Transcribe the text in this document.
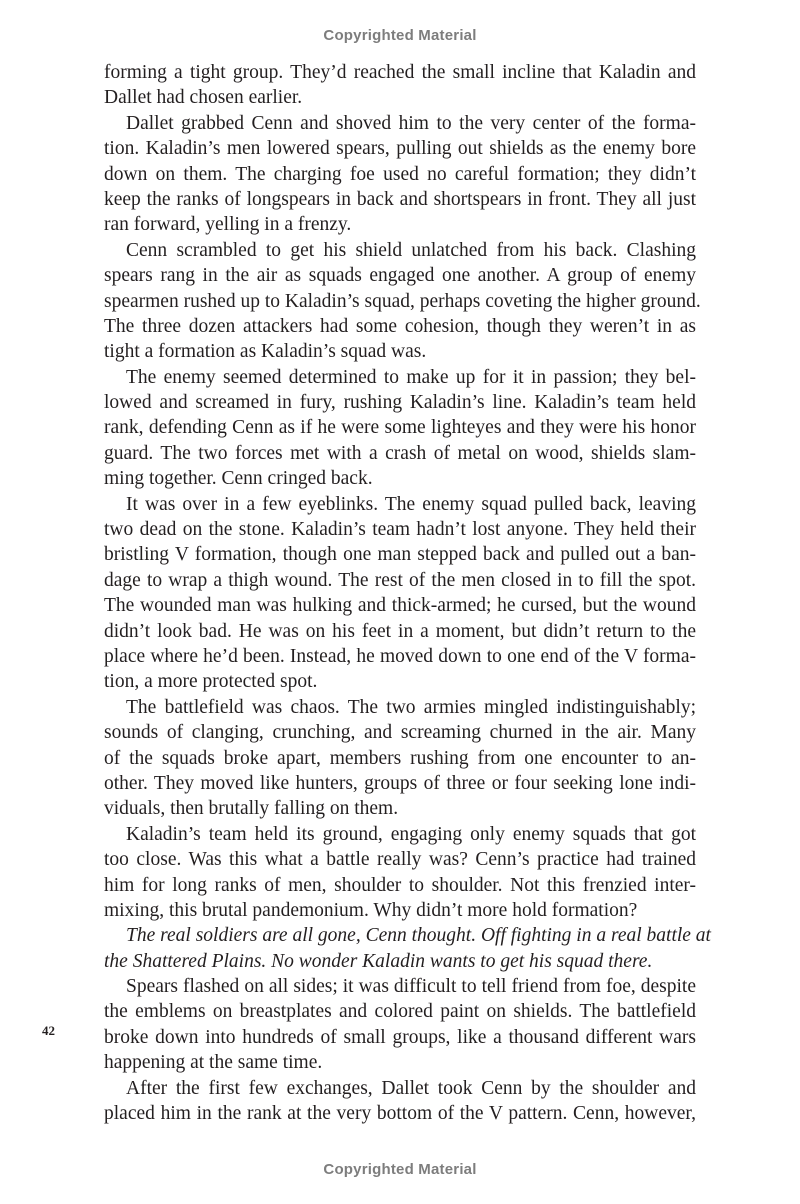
Copyrighted Material
forming a tight group. They’d reached the small incline that Kaladin and
Dallet had chosen earlier.
Dallet grabbed Cenn and shoved him to the very center of the forma-
tion. Kaladin’s men lowered spears, pulling out shields as the enemy bore
down on them. The charging foe used no careful formation; they didn’t
keep the ranks of longspears in back and shortspears in front. They all just
ran forward, yelling in a frenzy.
Cenn scrambled to get his shield unlatched from his back. Clashing
spears rang in the air as squads engaged one another. A group of enemy
spearmen rushed up to Kaladin’s squad, perhaps coveting the higher ground.
The three dozen attackers had some cohesion, though they weren’t in as
tight a formation as Kaladin’s squad was.
The enemy seemed determined to make up for it in passion; they bel-
lowed and screamed in fury, rushing Kaladin’s line. Kaladin’s team held
rank, defending Cenn as if he were some lighteyes and they were his honor
guard. The two forces met with a crash of metal on wood, shields slam-
ming together. Cenn cringed back.
It was over in a few eyeblinks. The enemy squad pulled back, leaving
two dead on the stone. Kaladin’s team hadn’t lost anyone. They held their
bristling V formation, though one man stepped back and pulled out a ban-
dage to wrap a thigh wound. The rest of the men closed in to fill the spot.
The wounded man was hulking and thick-armed; he cursed, but the wound
didn’t look bad. He was on his feet in a moment, but didn’t return to the
place where he’d been. Instead, he moved down to one end of the V forma-
tion, a more protected spot.
The battlefield was chaos. The two armies mingled indistinguishably;
sounds of clanging, crunching, and screaming churned in the air. Many
of the squads broke apart, members rushing from one encounter to an-
other. They moved like hunters, groups of three or four seeking lone indi-
viduals, then brutally falling on them.
Kaladin’s team held its ground, engaging only enemy squads that got
too close. Was this what a battle really was? Cenn’s practice had trained
him for long ranks of men, shoulder to shoulder. Not this frenzied inter-
mixing, this brutal pandemonium. Why didn’t more hold formation?
The real soldiers are all gone, Cenn thought. Off fighting in a real battle at
the Shattered Plains. No wonder Kaladin wants to get his squad there.
Spears flashed on all sides; it was difficult to tell friend from foe, despite
the emblems on breastplates and colored paint on shields. The battlefield
broke down into hundreds of small groups, like a thousand different wars
happening at the same time.
After the first few exchanges, Dallet took Cenn by the shoulder and
placed him in the rank at the very bottom of the V pattern. Cenn, however,
42
Copyrighted Material
